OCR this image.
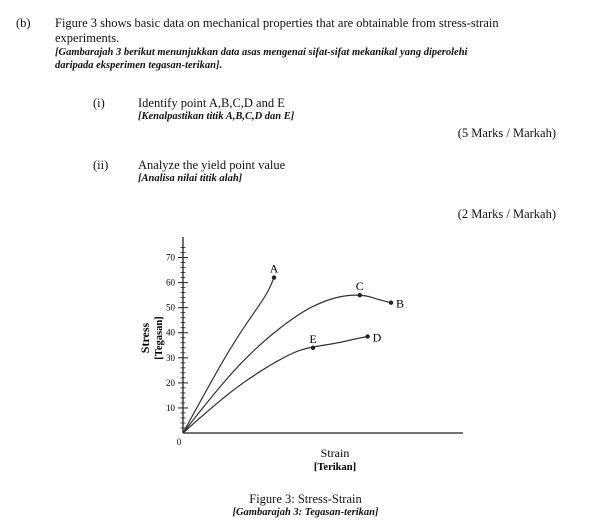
(b) Figure 3 shows basic data on mechanical properties that are obtainable from stress-strain
experiments.
[Gambarajah 3 berikut menunjukkan data asas mengenai sifat-sifat mekanikal yang diperolehi
daripada eksperimen tegasan-terikan].
(i)	Identify point A,B,C,D and E
[Kenalpastikan titik A,B,C,D dan E]
(5 Marks / Markah)
(ii) Analyze the yield point value
[Analisa nilai titik alah]
(2 Marks / Markah)
0
10
20
30
40
50
60
70
A
C
B
E	D
Stress [Tegasan]
Strain
[Terikan]
Figure 3: Stress-Strain
[Gambarajah 3: Tegasan-terikan]
